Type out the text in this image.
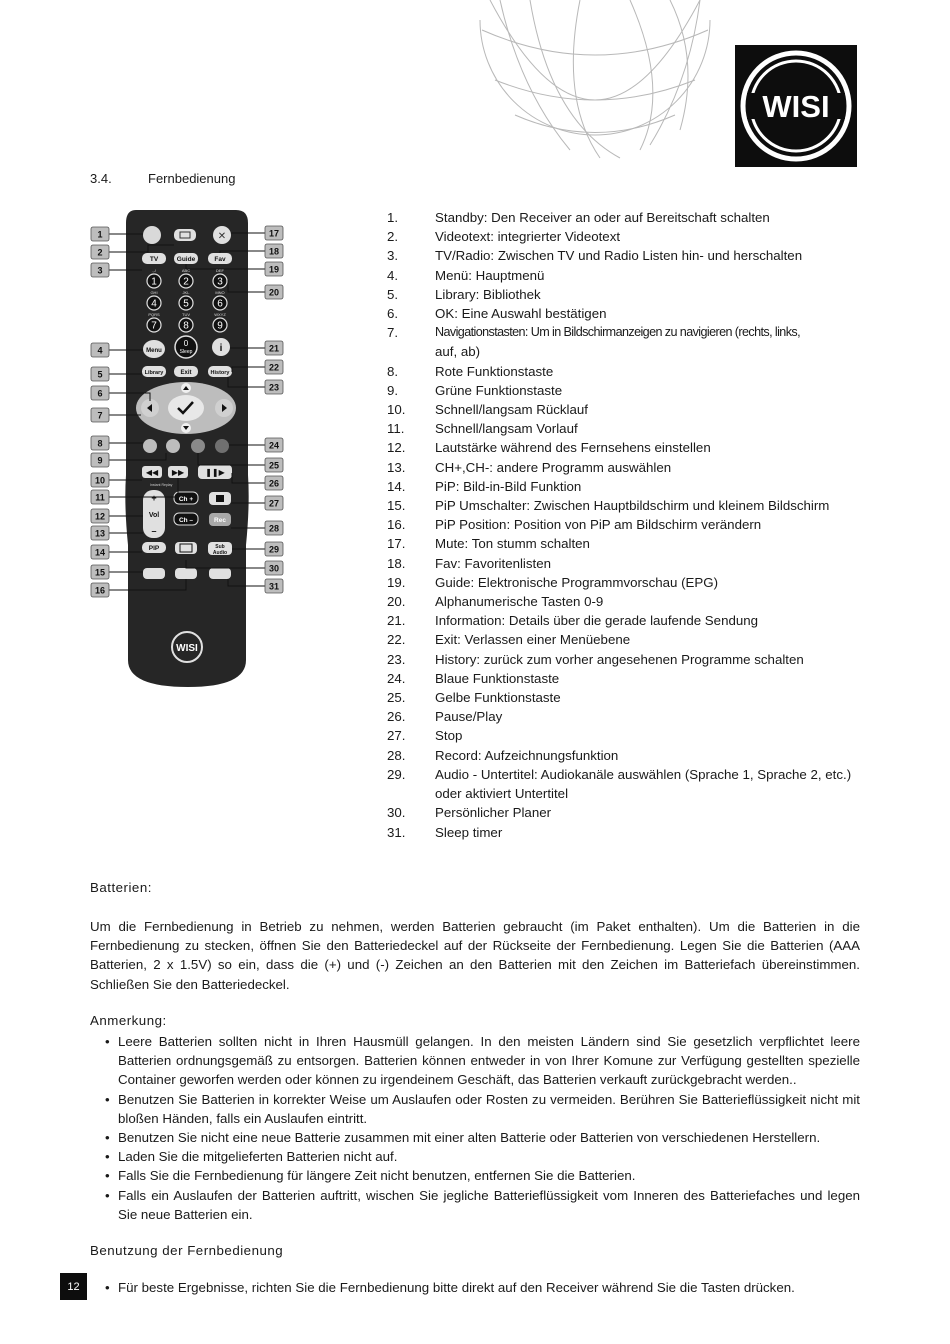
WISI
3.4.	Fernbedienung
✕
TV	Guide	Fav
.,-!
1
ABC
2
DEF
3
GHI
4
JKL
5
MNO
6
PQRS
7
TUV
8
WXYZ
9
Menu
0
Sleep	i
Library	Exit	History
◀◀ ▶▶	❚❚▶
Instant Replay
+
Vol
–
Ch +
Ch –	Rec
PIP	Sub
Audio
WISI
1
2
3
4
5
6
7
8
9
10
11
12
13
14
15
16
17
18
19
20
21
22
23
24
25
26
27
28
29
30
31
1.	Standby: Den Receiver an oder auf Bereitschaft schalten
2.	Videotext: integrierter Videotext
3.	TV/Radio: Zwischen TV und Radio Listen hin- und herschalten
4.	Menü: Hauptmenü
5.	Library: Bibliothek
6.	OK: Eine Auswahl bestätigen
7.	Navigationstasten: Um in Bildschirmanzeigen zu navigieren (rechts, links,
auf, ab)
8.	Rote Funktionstaste
9.	Grüne Funktionstaste
10.	Schnell/langsam Rücklauf
11.	Schnell/langsam Vorlauf
12.	Lautstärke während des Fernsehens einstellen
13.	CH+,CH-: andere Programm auswählen
14.	PiP: Bild-in-Bild Funktion
15.	PiP Umschalter: Zwischen Hauptbildschirm und kleinem Bildschirm
16.	PiP Position: Position von PiP am Bildschirm verändern
17.	Mute: Ton stumm schalten
18.	Fav: Favoritenlisten
19.	Guide: Elektronische Programmvorschau (EPG)
20.	Alphanumerische Tasten 0-9
21.	Information: Details über die gerade laufende Sendung
22.	Exit: Verlassen einer Menüebene
23.	History: zurück zum vorher angesehenen Programme schalten
24.	Blaue Funktionstaste
25.	Gelbe Funktionstaste
26.	Pause/Play
27.	Stop
28.	Record: Aufzeichnungsfunktion
29.	Audio - Untertitel: Audiokanäle auswählen (Sprache 1, Sprache 2, etc.)
oder aktiviert Untertitel
30.	Persönlicher Planer
31.	Sleep timer
Batterien:
Um die Fernbedienung in Betrieb zu nehmen, werden Batterien gebraucht (im Paket enthalten). Um die Batterien in die Fernbedienung zu stecken, öffnen Sie den Batteriedeckel auf der Rückseite der Fernbedienung. Legen Sie die Batterien (AAA Batterien, 2 x 1.5V) so ein, dass die (+) und (-) Zeichen an den Batterien mit den Zeichen im Batteriefach übereinstimmen. Schließen Sie den Batteriedeckel.
Anmerkung:
• Leere Batterien sollten nicht in Ihren Hausmüll gelangen. In den meisten Ländern sind Sie gesetzlich verpflichtet leere Batterien ordnungsgemäß zu entsorgen. Batterien können entweder in von Ihrer Komune zur Verfügung gestellten spezielle Container geworfen werden oder können zu irgendeinem Geschäft, das Batterien verkauft zurückgebracht werden..
• Benutzen Sie Batterien in korrekter Weise um Auslaufen oder Rosten zu vermeiden. Berühren Sie Batterieflüssigkeit nicht mit bloßen Händen, falls ein Auslaufen eintritt.
• Benutzen Sie nicht eine neue Batterie zusammen mit einer alten Batterie oder Batterien von verschiedenen Herstellern.
• Laden Sie die mitgelieferten Batterien nicht auf.
• Falls Sie die Fernbedienung für längere Zeit nicht benutzen, entfernen Sie die Batterien.
• Falls ein Auslaufen der Batterien auftritt, wischen Sie jegliche Batterieflüssigkeit vom Inneren des Batteriefaches und legen Sie neue Batterien ein.
Benutzung der Fernbedienung
12
•	Für beste Ergebnisse, richten Sie die Fernbedienung bitte direkt auf den Receiver während Sie die Tasten drücken.
